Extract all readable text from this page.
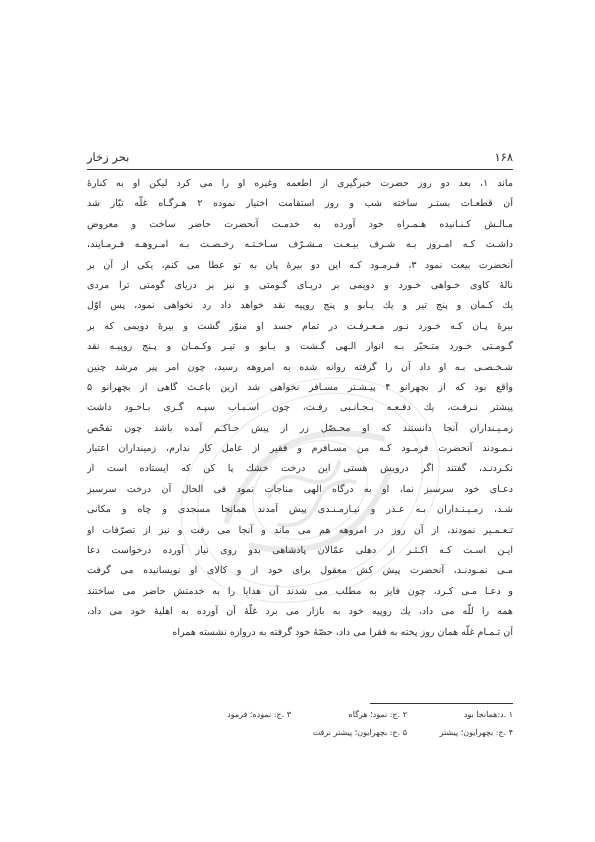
۱۶۸
بحر زخار
ماند ۱، بعد دو روز حضرت خبرگیری از اطعمه وغیره او را می کرد لیکن او به کنارهٔ
آن قطعـات بستـر ساخته شب و روز استقامت اختیار نموده ۲ هـرگـاه غلّه تیّار شد
مـالـش کـنـانیده هـمـراه خود آورده به خدمـت آنحضرت حاضر ساخت و معروض
داشـت کـه امـروز بـه شـرف بیـعـت مـشـرّف سـاخـتـه رخـصـت بـه امـروهـه فـرمـایند،
آنحضرت بیعت نمود ۳، فـرمـود کـه این دو بیرهٔ پان به تو عطا می کنم، یکی از آن بر
نالهٔ کاوی خـواهی خـورد و دویمی بر دریـای گـومتی و نیز بر دریای گومتی ترا مردی
یك كـمان و پنج تیر و یك یـابو و پنج روپیه نقد خواهد داد رد نخواهی نمود، پس اوّل
بیرهٔ پـان کـه خـورد نـور مـعـرفـت در تمام جسد او منوّر گشت و بیرهٔ دویمی که بر
گـومـتی خـورد متـحیّر بـه انوار الـهی گـشت و یـابو و تیـر وکـمـان و پـنج روپیـه نقد
شـخـصـی بـه او داد آن را گرفته روانه شده به امروهه رسید، چون امر پیر مرشد چنین
واقع بود که از بچهرانو ۴ پیـشـتر مسـافر نخواهی شد ازین باعـث گاهی از بچهرانو ۵
پیشتر نـرفـت، یك دفـعـه بـجـانـبی رفـت، چون اسـبـاب سپـه گـری بـاخـود داشت
زمـیـنداران آنجا دانستند که او محـصّل زر از پیش حـاکـم آمده باشد چون تفحّص
نـمـودند آنحضرت فرمـود کـه من مسـافرم و فقیر از عامل کار ندارم، زمینداران اعتبار
نکـردنـد، گفتند اگر درویش هستی این درخت خشك پا کن که ایستاده است از
دعـای خود سرسبز نما، او به درگاه الهی مناجات نمود فی الحال آن درخت سرسبز
شـد، زمـیـنـداران بـه عـذر و نیـازمـنـدی پیش آمدند همانجا مسجدی و چاه و مکانی
تـعـمـیر نمودند، از آن روز در امروهه هم می ماند و آنجا می رفت و نیز از تصرّفات او
ایـن اسـت کـه اکـثـر از دهلی عمّالان پادشاهی بدو روی نیاز آورده درخواست دعا
مـی نمـودنـد، آنحضرت پیش کش معقول برای خود از و کالای او نویسانیده می گرفت
و دعـا مـی کـرد، چون فایز به مطلب می شدند آن هدایا را به خدمتش حاضر می ساختند
همه را للّه می داد، یك روپیه خود به بازار می برد غلّهٔ آن آورده به اهلیهٔ خود می داد،
آن تـمـام غلّه همان روز پخته به فقرا می داد، حصّهٔ خود گرفته به دروازه نشسته همراه
۱ .د:همانجا بود
۲ .ج: نمود؛ هرگاه
۳ .ج: نموده؛ فرمود
۴ .ج: بچهرایون؛ پیشتر
۵ .ج: بچهرایون؛ پیشتر نرفت
